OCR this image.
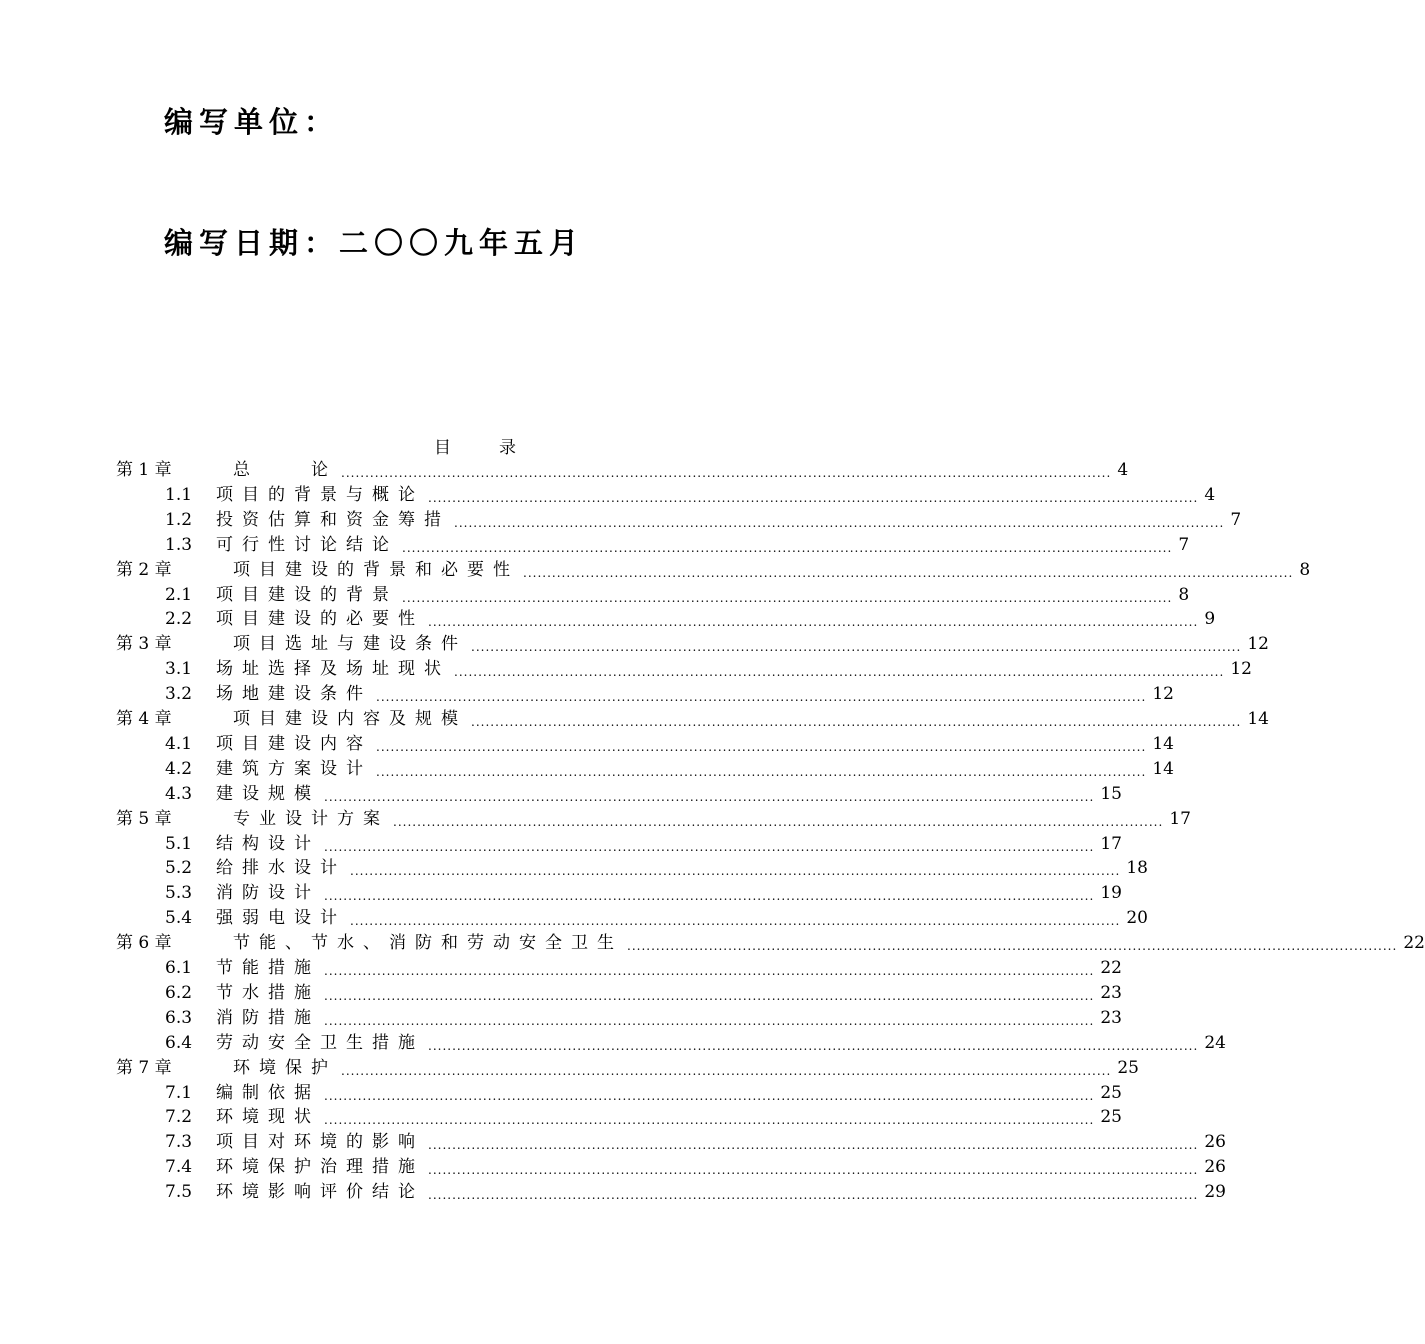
编写单位：
编写日期：二〇〇九年五月
目录
第 1 章	总　　论 ................................................................................................................................................................ 4
1.1	项目的背景与概论 ................................................................................................................................................................ 4
1.2	投资估算和资金筹措 ................................................................................................................................................................ 7
1.3	可行性讨论结论 ................................................................................................................................................................ 7
第 2 章	项目建设的背景和必要性 ................................................................................................................................................................ 8
2.1	项目建设的背景 ................................................................................................................................................................ 8
2.2	项目建设的必要性 ................................................................................................................................................................ 9
第 3 章	项目选址与建设条件 ................................................................................................................................................................ 12
3.1	场址选择及场址现状 ................................................................................................................................................................ 12
3.2	场地建设条件 ................................................................................................................................................................ 12
第 4 章	项目建设内容及规模 ................................................................................................................................................................ 14
4.1	项目建设内容 ................................................................................................................................................................ 14
4.2	建筑方案设计 ................................................................................................................................................................ 14
4.3	建设规模 ................................................................................................................................................................ 15
第 5 章	专业设计方案 ................................................................................................................................................................ 17
5.1	结构设计 ................................................................................................................................................................ 17
5.2	给排水设计 ................................................................................................................................................................ 18
5.3	消防设计 ................................................................................................................................................................ 19
5.4	强弱电设计 ................................................................................................................................................................ 20
第 6 章	节能、节水、消防和劳动安全卫生 ................................................................................................................................................................ 22
6.1	节能措施 ................................................................................................................................................................ 22
6.2	节水措施 ................................................................................................................................................................ 23
6.3	消防措施 ................................................................................................................................................................ 23
6.4	劳动安全卫生措施 ................................................................................................................................................................ 24
第 7 章	环境保护 ................................................................................................................................................................ 25
7.1	编制依据 ................................................................................................................................................................ 25
7.2	环境现状 ................................................................................................................................................................ 25
7.3	项目对环境的影响 ................................................................................................................................................................ 26
7.4	环境保护治理措施 ................................................................................................................................................................ 26
7.5	环境影响评价结论 ................................................................................................................................................................ 29
